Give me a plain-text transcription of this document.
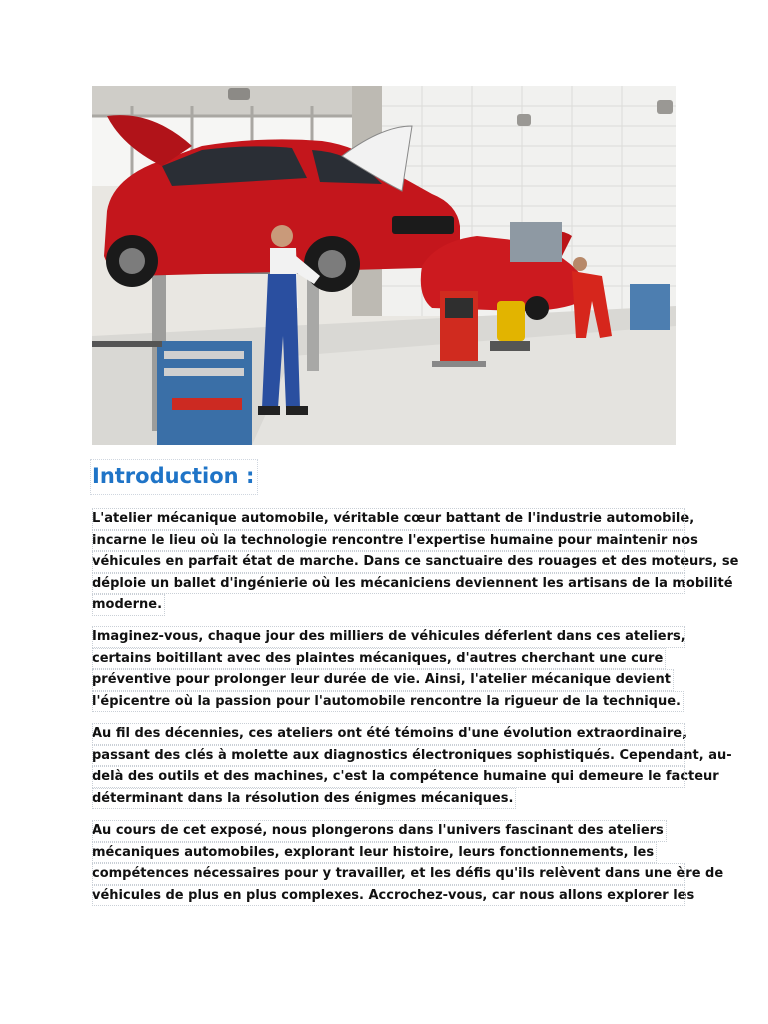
Introduction :
L'atelier mécanique automobile, véritable cœur battant de l'industrie automobile,
incarne le lieu où la technologie rencontre l'expertise humaine pour maintenir nos
véhicules en parfait état de marche. Dans ce sanctuaire des rouages et des moteurs, se
déploie un ballet d'ingénierie où les mécaniciens deviennent les artisans de la mobilité
moderne.
Imaginez-vous, chaque jour des milliers de véhicules déferlent dans ces ateliers,
certains boitillant avec des plaintes mécaniques, d'autres cherchant une cure
préventive pour prolonger leur durée de vie. Ainsi, l'atelier mécanique devient
l'épicentre où la passion pour l'automobile rencontre la rigueur de la technique.
Au fil des décennies, ces ateliers ont été témoins d'une évolution extraordinaire,
passant des clés à molette aux diagnostics électroniques sophistiqués. Cependant, au-
delà des outils et des machines, c'est la compétence humaine qui demeure le facteur
déterminant dans la résolution des énigmes mécaniques.
Au cours de cet exposé, nous plongerons dans l'univers fascinant des ateliers
mécaniques automobiles, explorant leur histoire, leurs fonctionnements, les
compétences nécessaires pour y travailler, et les défis qu'ils relèvent dans une ère de
véhicules de plus en plus complexes. Accrochez-vous, car nous allons explorer les
